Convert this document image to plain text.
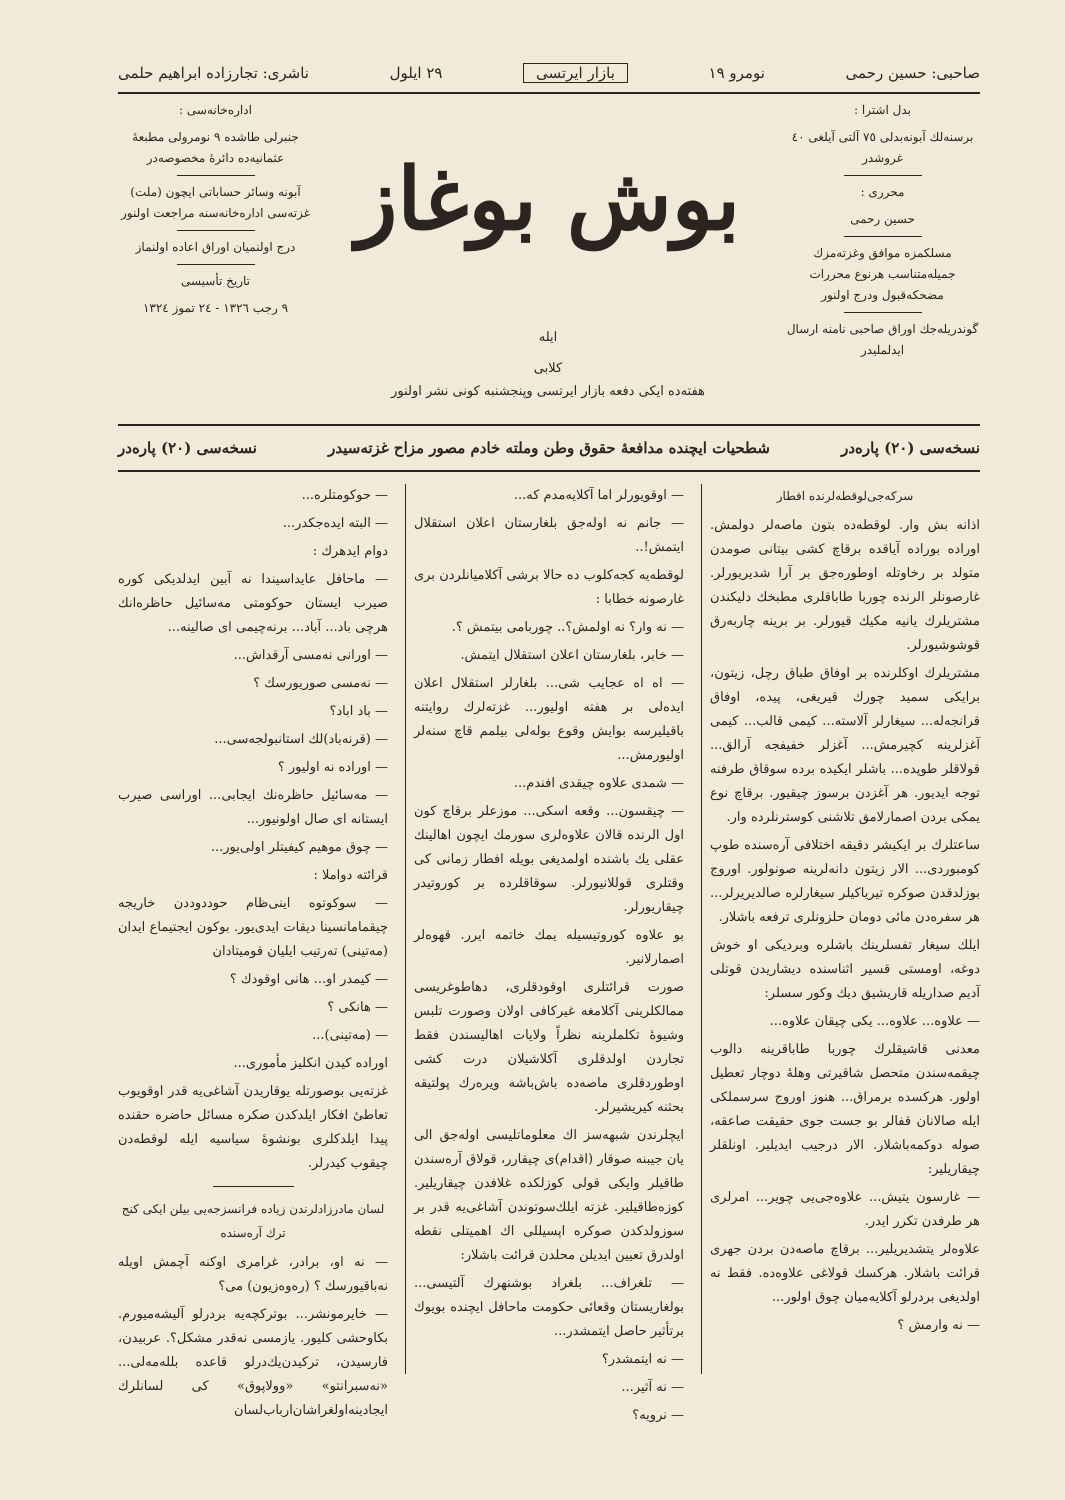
صاحبی: حسین رحمی
نومرو ١٩
بازار ایرتسی
٢٩ ایلول
ناشری: تجارزاده ابراهیم حلمی

بدل اشترا :

برسنه‌لك آبونه‌بدلی ٧٥ آلتی آیلغی ٤٠ غروشدر

محرری :

حسین رحمی

مسلکمزه موافق وغزته‌مزك جمیله‌متناسب هرنوع محررات مضحکه‌قبول ودرج اولنور

گوندریله‌جك اوراق صاحبی نامنه ارسال ایدلملیدر

بوش بوغاز
ایله
كلابی
هفته‌ده ایکی دفعه بازار ایرتسی وپنجشنبه کونی نشر اولنور

اداره‌خانه‌سی :

جنبرلی طاشده ٩ نومرولی مطبعهٔ عثمانیه‌ده دائرهٔ مخصوصه‌در

آبونه وسائر حساباتی ایچون (ملت) غزته‌سی اداره‌خانه‌سنه مراجعت اولنور

درج اولنمیان اوراق اعاده اولنماز

تاریخ تأسیسی

٩ رجب ١٣٢٦ - ٢٤ تموز ١٣٢٤

نسخه‌سی (٢٠) پاره‌در
شطحیات ایچنده مدافعهٔ حقوق وطن وملته خادم مصور مزاح غزته‌سیدر
نسخه‌سی (٢٠) پاره‌در

سرکه‌جی‌لوقطه‌لرنده افطار

اذانه بش وار. لوقطه‌ده بتون ماصه‌لر دولمش. اوراده بوراده آیاقده برقاچ کشی بیتانی صومدن متولد بر رخاوتله اوطوره‌جق بر آرا شدیریورلر. غارصونلر الرنده چوربا طاباقلری مطبخك دلیکندن مشتریلرك یانیه مکیك قیورلر. بر برینه چاربه‌رق قوشوشیورلر.

مشتریلرك اوکلرنده بر اوفاق طباق رچل، زیتون، برایکی سمید چورك قیریغی، پیده، اوفاق قرانجه‌له... سیغارلر آلاسته... کیمی قالب... کیمی آغزلرینه کچیرمش... آغزلر خفیفجه آرالق... قولاقلر طوپده... باشلر ایکیده برده سوقاق طرفنه توجه ایدیور. هر آغزدن برسوز چیقیور. برقاچ نوع یمکی بردن اصمارلامق تلاشنی کوسترنلرده وار.

ساعتلرك بر ایکیشر دقیقه اختلافی آره‌سنده طوپ کومبوردی... الار زیتون دانه‌لرینه صونولور. اوروج بوزلدقدن صوکره تیریاکیلر سیغارلره صالدیریرلر... هر سفره‌دن مائی دومان حلزونلری ترفعه باشلار.

ایلك سیغار تفسلرینك باشلره وبردیکی او خوش دوغه، اومستی قسیر اثناسنده دیشاریدن قوتلی آدیم صداریله قاریشیق دیك وکور سسلر:

— علاوه... علاوه... یکی چیقان علاوه...

معدنی قاشیقلرك چوربا طاباقرینه دالوب چیقمه‌سندن متحصل شاقیرتی وهلهٔ دوچار تعطیل اولور. هرکسده برمراق... هنوز اوروج سرسملکی ایله صالانان قفالر بو جست جوی حقیقت صاعقه، صوله دوکمه‌باشلار. الار درجیب ایدیلیر. اونلقلر چیقاریلیر:

— غارسون یتیش... علاوه‌جی‌یی چویر... امرلری هر طرفدن تکرر ایدر.

علاوه‌لر یتشدیریلیر... برقاچ ماصه‌دن بردن جهری قرائت باشلار. هرکسك قولاغی علاوه‌ده. فقط نه اولدیغی بردرلو آکلایه‌میان چوق اولور...

— نه وارمش ؟

— اوقویورلر اما آکلایه‌مدم که...

— جانم نه اوله‌جق بلغارستان اعلان استقلال ایتمش!..

لوقطه‌یه کجه‌کلوب ده حالا برشی آکلامیانلردن بری غارصونه خطابا :

— نه وار؟ نه اولمش؟.. چوربامی بیتمش ؟.

— خابر، بلغارستان اعلان استقلال ایتمش.

— اه اه عجایب شی... بلغارلر استقلال اعلان ایده‌لی بر هفته اولیور... غزته‌لرك روایتنه باقیلیرسه بوایش وقوع بوله‌لی بیلمم قاچ سنه‌لر اولیورمش...

— شمدی علاوه چیقدی افندم...

— چیقسون... وقعه اسکی... موزعلر برقاچ کون اول الرنده قالان علاوه‌لری سورمك ایچون اهالینك عقلی یك باشنده اولمدیغی بویله افطار زمانی کی وقتلری قوللانیورلر. سوقاقلرده بر کوروتیدر چیقاریورلر.

بو علاوه کوروتیسیله یمك خاتمه ایرر. قهوه‌لر اصمارلانیر.

صورت قرائتلری اوقودقلری، دهاطوغریسی ممالکلرینی آکلامغه غیرکافی اولان وصورت تلبس وشیوهٔ تکلملرینه نظراً ولایات اهالیسندن فقط تجاردن اولدقلری آکلاشیلان درت کشی اوطوردقلری ماصه‌ده باش‌باشه ویره‌رك پولتیقه بحثنه کیریشیرلر.

ایچلرندن شبهه‌سز اك معلوماتلیسی اوله‌جق الی یان جیبنه صوقار (اقدام)ی چیقارر، قولاق آره‌سندن طاقیلر وایکی قولی کوزلکده غلافدن چیقاریلیر. کوزه‌طاقیلیر. غزته ایلك‌سوتوندن آشاغی‌یه قدر بر سوزولدکدن صوکره اپسیللی اك اهمیتلی نقطه اولدرق تعیین ایدیلن محلدن قرائت باشلار:

— تلغراف... بلغراد بوشنهرك آلتیسی... بولغاریستان وقعائی حکومت ماحافل ایچنده بویوك برتأثیر حاصل ایتمشدر...

— نه ایتمشدر؟

— نه آثیر...

— نرویه؟

— حوکومتلره...

— البته ایده‌جکدر...

دوام ایدهرك :

— ماحافل عایداسیندا نه آبین ایدلدیکی کوره صیرب ایستان حوکومتی مه‌سائیل حاظره‌انك هرچی باد... آباد... برنه‌چیمی ای صالینه...

— اورانی نه‌مسی آرقداش...

— نه‌مسی صوریورسك ؟

— باد اباد؟

— (قرنه‌باد)لك استانبولجه‌سی...

— اوراده نه اولیور ؟

— مه‌سائیل حاظره‌نك ایجابی... اوراسی صیرب ایستانه ای صال اولونیور...

— چوق موهیم کیفیتلر اولی‌یور...

قرائته دواملا :

— سوکوتوه اینی‌ظام حوددوددن خاریجه چیقمامانسینا دیقات ایدی‌یور. بوکون ایجتیماع ایدان (مه‌تینی) ته‌رتیب ایلیان قومیتادان

— کیمدر او... هانی اوقودك ؟

— هانکی ؟

— (مه‌تینی)...

اوراده کیدن انکلیز مأموری...

غزته‌یی بوصورتله یوقاریدن آشاغی‌یه قدر اوقویوب تعاطیٔ افکار ایلدکدن صکره مسائل حاضره حقنده پیدا ایلدکلری بونشوهٔ سیاسیه ایله لوقطه‌دن چیقوب کیدرلر.

لسان مادرزادلرندن زیاده فرانسزجه‌یی بیلن ایکی کنج ترك آره‌سنده

— نه او، برادر، غرامری اوکنه آچمش اویله نه‌باقیورسك ؟ (ره‌وه‌زیون) می؟

— خایرمونشر... بوترکچه‌یه بردرلو آلیشه‌میورم. بکاوحشی کلیور. یازمسی نه‌قدر مشکل؟. عربیدن، فارسیدن، ترکیدن‌یك‌درلو قاعده بلله‌مه‌لی... «نه‌سبرانتو» «وولاپوق» کی لسانلرك ایجادینه‌اولغراشان‌ارباب‌لسان
